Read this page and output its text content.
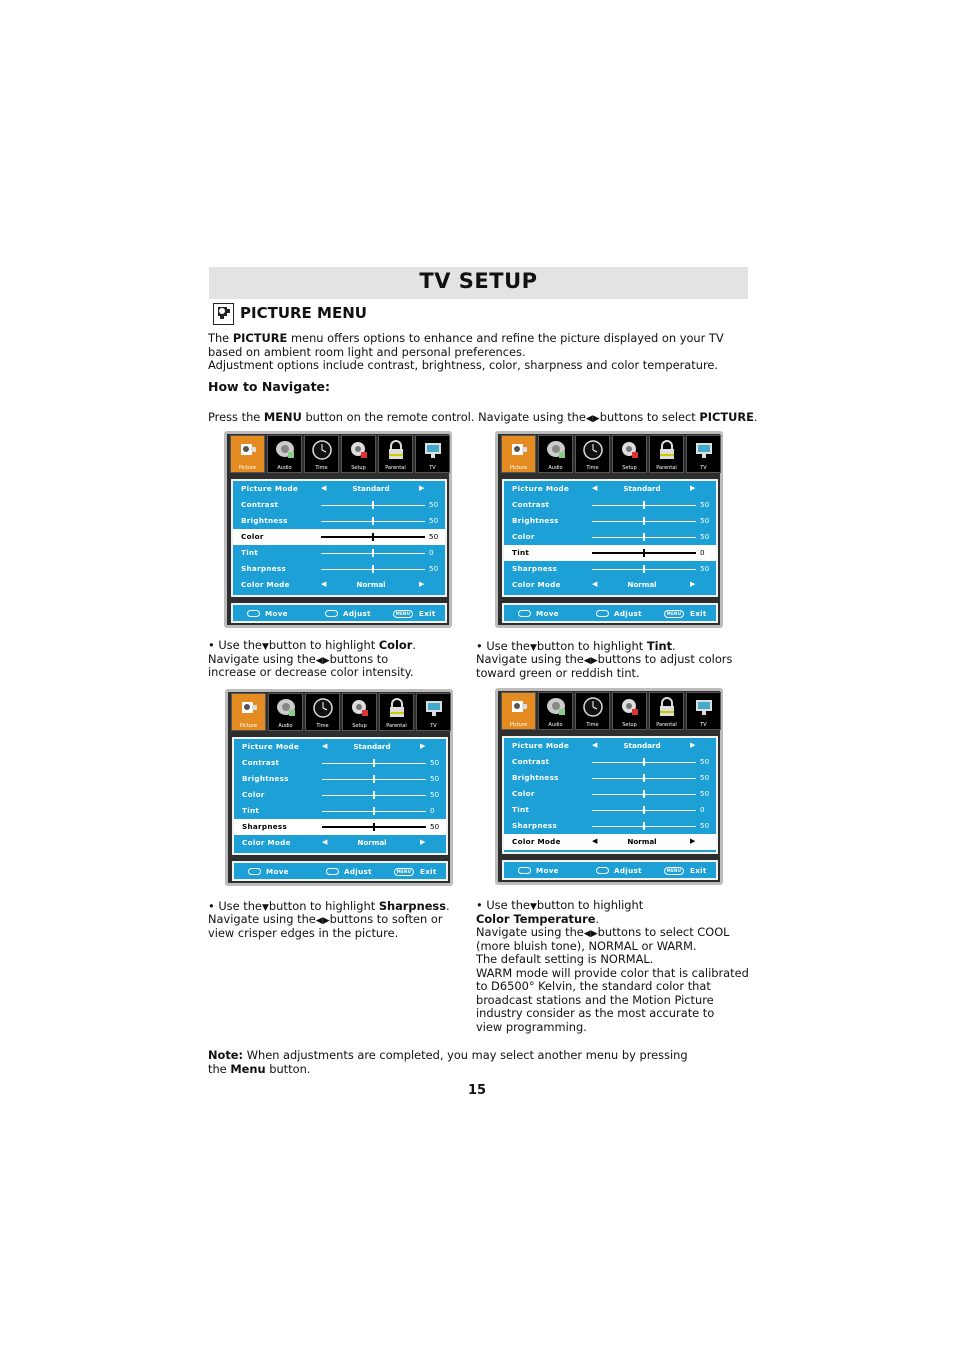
TV SETUP
PICTURE MENU
The PICTURE menu offers options to enhance and refine the picture displayed on your TV
based on ambient room light and personal preferences.
Adjustment options include contrast, brightness, color, sharpness and color temperature.
How to Navigate:
Press the MENU button on the remote control. Navigate using the◀▶buttons to select PICTURE.
Picture	Audio	Time	Setup	Parental	TV
Picture Mode	◀	Standard	▶
Contrast	50
Brightness	50
Color	50
Tint	0
Sharpness	50
Color Mode	◀	Normal	▶
Move	Adjust	MENU	Exit
Picture	Audio	Time	Setup	Parental	TV
Picture Mode	◀	Standard	▶
Contrast	50
Brightness	50
Color	50
Tint	0
Sharpness	50
Color Mode	◀	Normal	▶
Move	Adjust	MENU	Exit
• Use the▼button to highlight Color.
Navigate using the◀▶buttons to
increase or decrease color intensity.
• Use the▼button to highlight Tint.
Navigate using the◀▶buttons to adjust colors
toward green or reddish tint.
Picture	Audio	Time	Setup	Parental	TV
Picture Mode	◀	Standard	▶
Contrast	50
Brightness	50
Color	50
Tint	0
Sharpness	50
Color Mode	◀	Normal	▶
Move	Adjust	MENU	Exit
Picture	Audio	Time	Setup	Parental	TV
Picture Mode	◀	Standard	▶
Contrast	50
Brightness	50
Color	50
Tint	0
Sharpness	50
Color Mode	◀	Normal	▶
Move	Adjust	MENU	Exit
• Use the▼button to highlight Sharpness.
Navigate using the◀▶buttons to soften or
view crisper edges in the picture.
• Use the▼button to highlight
Color Temperature.
Navigate using the◀▶buttons to select COOL
(more bluish tone), NORMAL or WARM.
The default setting is NORMAL.
WARM mode will provide color that is calibrated
to D6500° Kelvin, the standard color that
broadcast stations and the Motion Picture
industry consider as the most accurate to
view programming.
Note: When adjustments are completed, you may select another menu by pressing
the Menu button.
15
